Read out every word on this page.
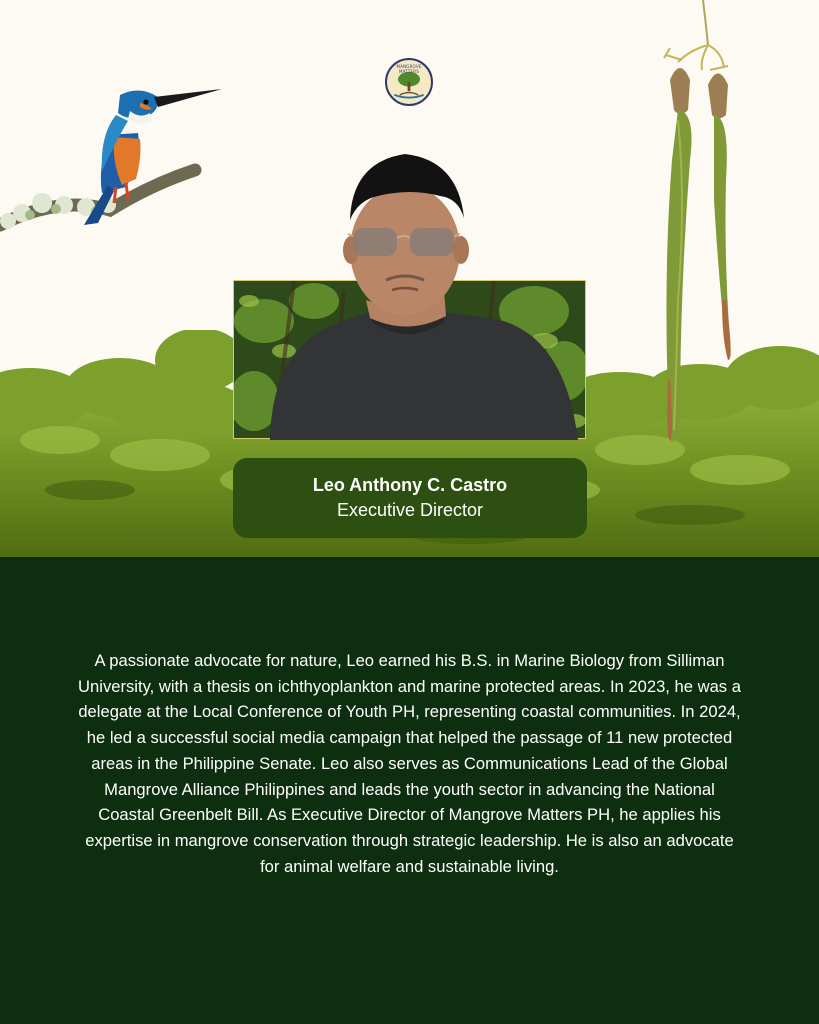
MANGROVE MATTERS
Leo Anthony C. Castro
Executive Director

A passionate advocate for nature, Leo earned his B.S. in Marine Biology from Silliman University, with a thesis on ichthyoplankton and marine protected areas. In 2023, he was a delegate at the Local Conference of Youth PH, representing coastal communities. In 2024, he led a successful social media campaign that helped the passage of 11 new protected areas in the Philippine Senate. Leo also serves as Communications Lead of the Global Mangrove Alliance Philippines and leads the youth sector in advancing the National Coastal Greenbelt Bill. As Executive Director of Mangrove Matters PH, he applies his expertise in mangrove conservation through strategic leadership. He is also an advocate for animal welfare and sustainable living.
